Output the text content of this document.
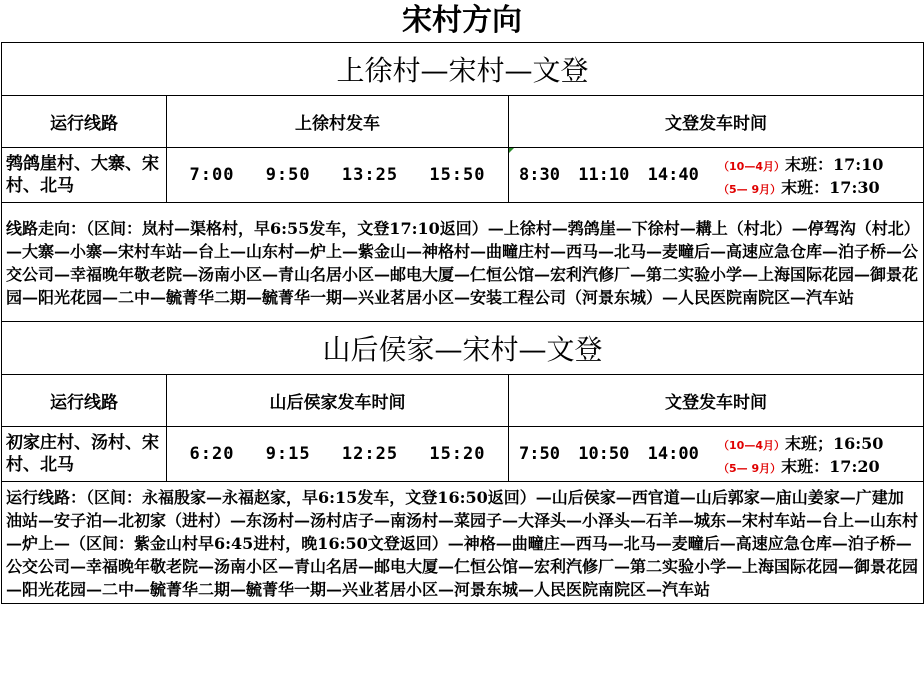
宋村方向
上徐村—宋村—文登		
运行线路	上徐村发车	文登发车时间
鹁鸽崖村、大寨、宋村、北马	7:00 9:50 13:25 15:50	8:30 11:10 14:40 （10—4月）末班：17:10
（5— 9月）末班：17:30

线路走向：（区间：岚村—渠格村，早6:55发车，文登17:10返回）—上徐村—鹁鸽崖—下徐村—耩上（村北）—停驾沟（村北）—大寨—小寨—宋村车站—台上—山东村—炉上—紫金山—神格村—曲疃庄村—西马—北马—麦疃后—高速应急仓库—泊子桥—公交公司—幸福晚年敬老院—汤南小区—青山名居小区—邮电大厦—仁恒公馆—宏利汽修厂—第二实验小学—上海国际花园—御景花园—阳光花园—二中—毓菁华二期—毓菁华一期—兴业茗居小区—安装工程公司（河景东城）—人民医院南院区—汽车站		
山后侯家—宋村—文登		
运行线路	山后侯家发车时间	文登发车时间
初家庄村、汤村、宋村、北马	6:20 9:15 12:25 15:20	7:50 10:50 14:00 （10—4月）末班；16:50
（5— 9月）末班：17:20

运行线路：（区间：永福殷家—永福赵家，早6:15发车，文登16:50返回）—山后侯家—西官道—山后郭家—庙山姜家—广建加油站—安子泊—北初家（进村）—东汤村—汤村店子—南汤村—菜园子—大泽头—小泽头—石羊—城东—宋村车站—台上—山东村—炉上—（区间：紫金山村早6:45进村，晚16:50文登返回）—神格—曲疃庄—西马—北马—麦疃后—高速应急仓库—泊子桥—公交公司—幸福晚年敬老院—汤南小区—青山名居—邮电大厦—仁恒公馆—宏利汽修厂—第二实验小学—上海国际花园—御景花园—阳光花园—二中—毓菁华二期—毓菁华一期—兴业茗居小区—河景东城—人民医院南院区—汽车站		
